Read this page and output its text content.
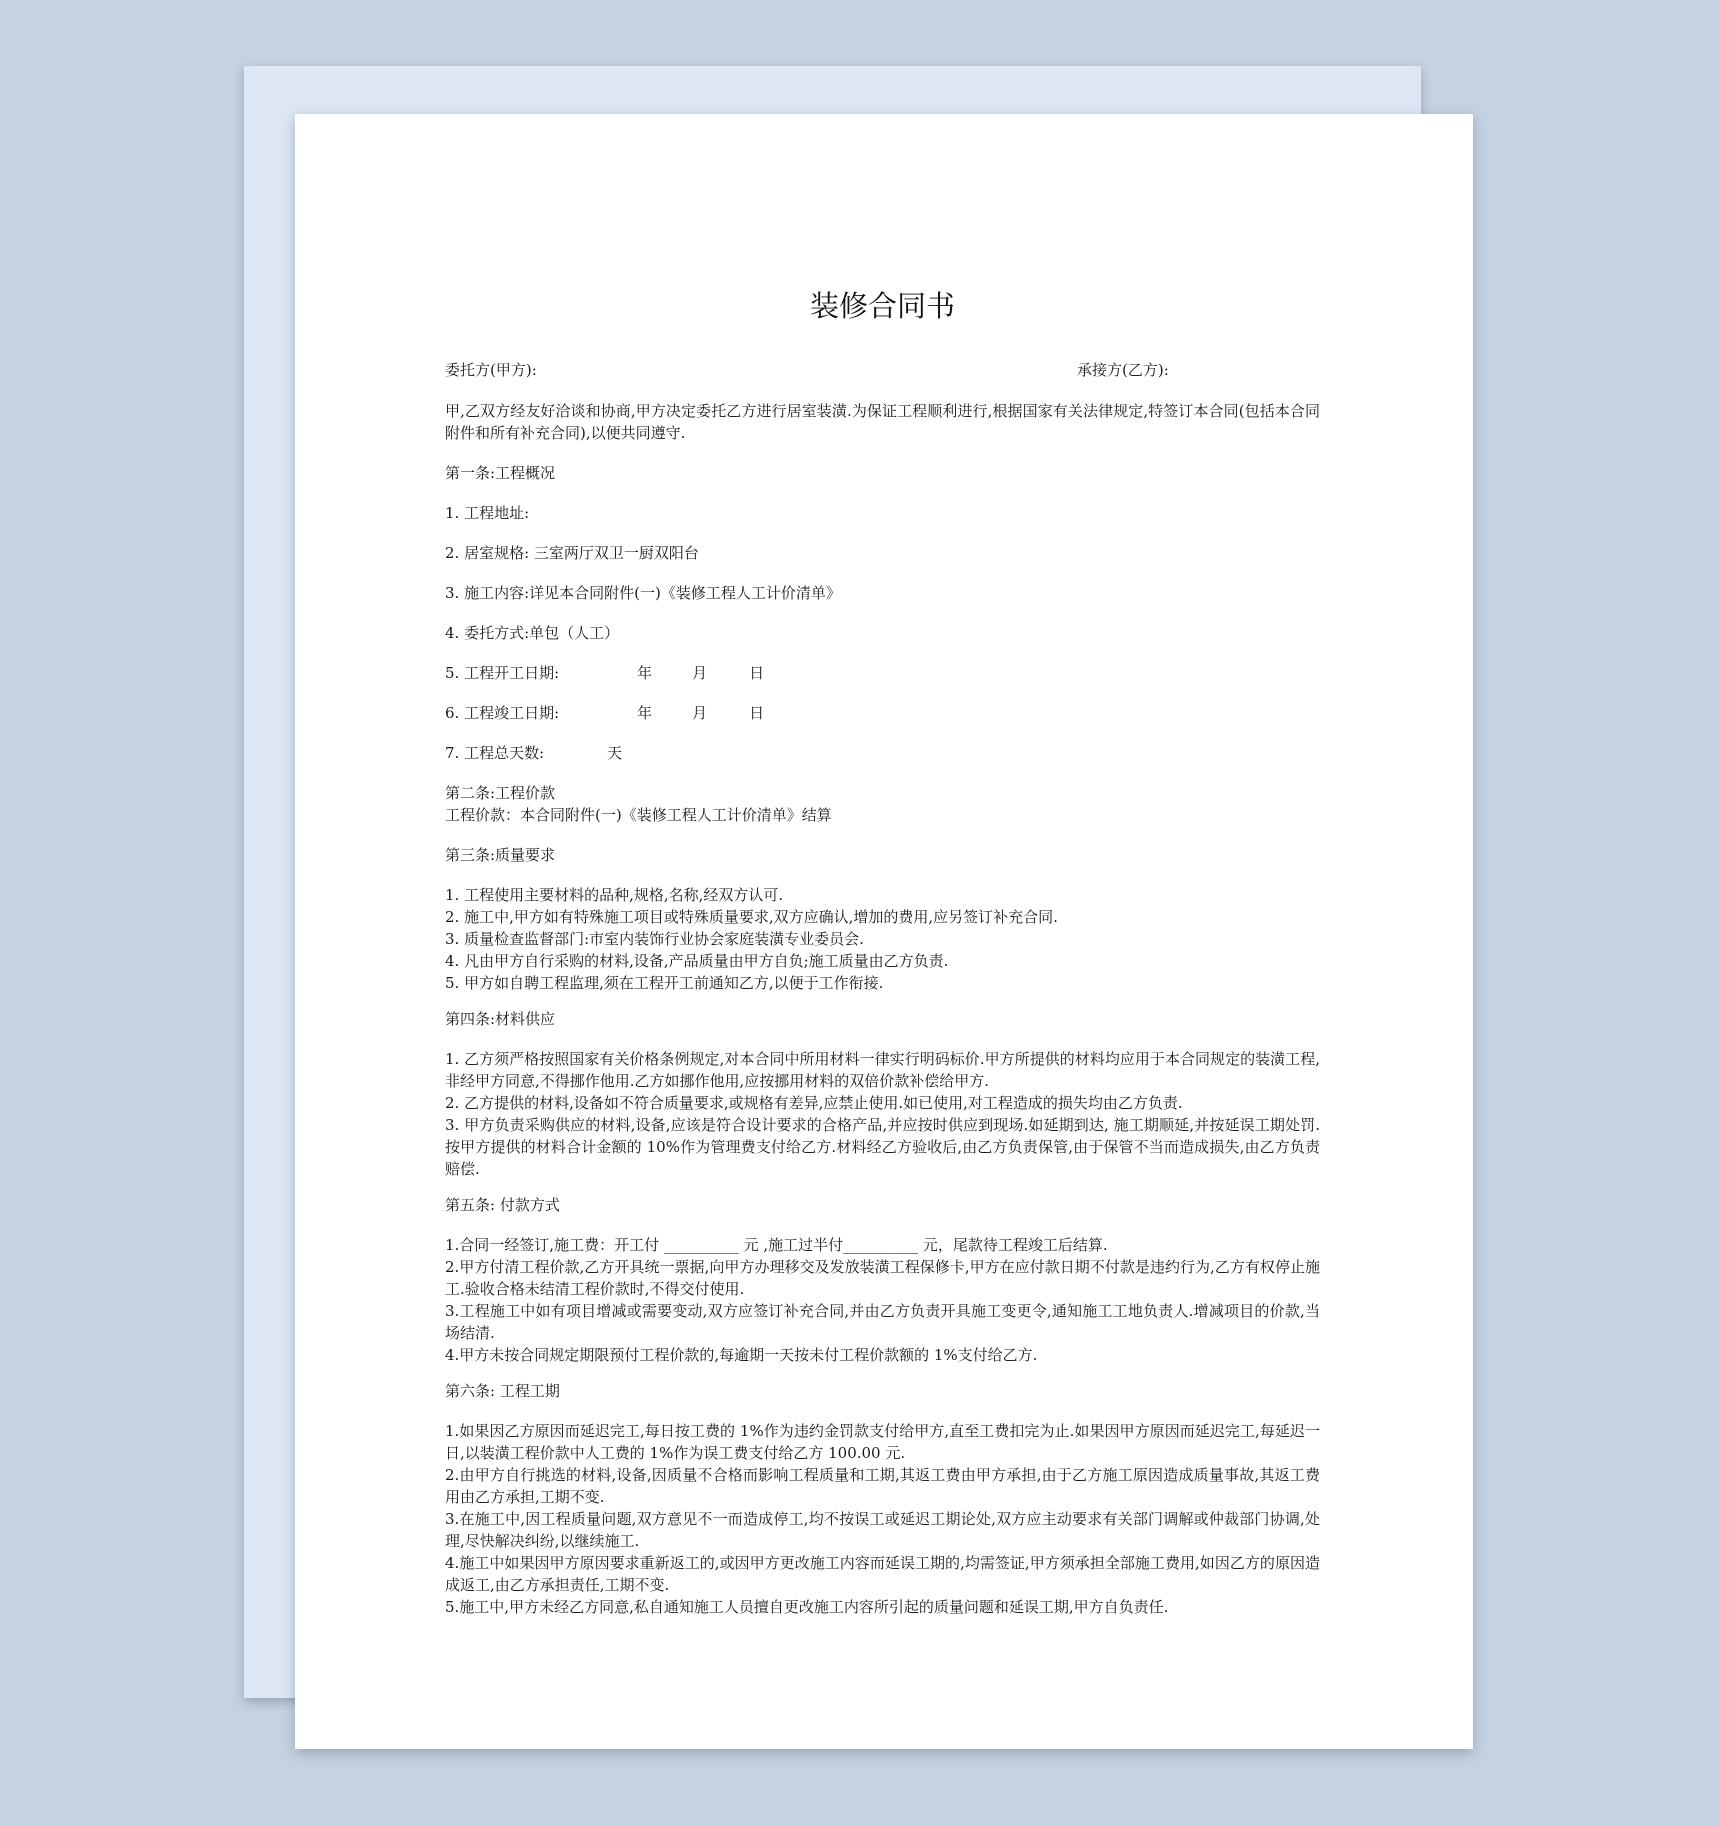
装修合同书
委托方(甲方):	承接方(乙方):
甲,乙双方经友好洽谈和协商,甲方决定委托乙方进行居室装潢.为保证工程顺利进行,根据国家有关法律规定,特签订本合同(包括本合同附件和所有补充合同),以便共同遵守.
第一条:工程概况
1. 工程地址:
2. 居室规格: 三室两厅双卫一厨双阳台
3. 施工内容:详见本合同附件(一)《装修工程人工计价清单》
4. 委托方式:单包（人工）
5. 工程开工日期:	年	月	日
6. 工程竣工日期:	年	月	日
7. 工程总天数:	天
第二条:工程价款
工程价款：本合同附件(一)《装修工程人工计价清单》结算
第三条:质量要求

1. 工程使用主要材料的品种,规格,名称,经双方认可.

2. 施工中,甲方如有特殊施工项目或特殊质量要求,双方应确认,增加的费用,应另签订补充合同.

3. 质量检查监督部门:市室内装饰行业协会家庭装潢专业委员会.

4. 凡由甲方自行采购的材料,设备,产品质量由甲方自负;施工质量由乙方负责.

5. 甲方如自聘工程监理,须在工程开工前通知乙方,以便于工作衔接.

第四条:材料供应

1. 乙方须严格按照国家有关价格条例规定,对本合同中所用材料一律实行明码标价.甲方所提供的材料均应用于本合同规定的装潢工程,非经甲方同意,不得挪作他用.乙方如挪作他用,应按挪用材料的双倍价款补偿给甲方.

2. 乙方提供的材料,设备如不符合质量要求,或规格有差异,应禁止使用.如已使用,对工程造成的损失均由乙方负责.

3. 甲方负责采购供应的材料,设备,应该是符合设计要求的合格产品,并应按时供应到现场.如延期到达, 施工期顺延,并按延误工期处罚.按甲方提供的材料合计金额的 10%作为管理费支付给乙方.材料经乙方验收后,由乙方负责保管,由于保管不当而造成损失,由乙方负责赔偿.

第五条: 付款方式

1.合同一经签订,施工费：开工付 __________ 元 ,施工过半付__________ 元，尾款待工程竣工后结算.

2.甲方付清工程价款,乙方开具统一票据,向甲方办理移交及发放装潢工程保修卡,甲方在应付款日期不付款是违约行为,乙方有权停止施工.验收合格未结清工程价款时,不得交付使用.

3.工程施工中如有项目增减或需要变动,双方应签订补充合同,并由乙方负责开具施工变更令,通知施工工地负责人.增减项目的价款,当场结清.

4.甲方未按合同规定期限预付工程价款的,每逾期一天按未付工程价款额的 1%支付给乙方.

第六条: 工程工期

1.如果因乙方原因而延迟完工,每日按工费的 1%作为违约金罚款支付给甲方,直至工费扣完为止.如果因甲方原因而延迟完工,每延迟一日,以装潢工程价款中人工费的 1%作为误工费支付给乙方 100.00 元.

2.由甲方自行挑选的材料,设备,因质量不合格而影响工程质量和工期,其返工费由甲方承担,由于乙方施工原因造成质量事故,其返工费用由乙方承担,工期不变.

3.在施工中,因工程质量问题,双方意见不一而造成停工,均不按误工或延迟工期论处,双方应主动要求有关部门调解或仲裁部门协调,处理,尽快解决纠纷,以继续施工.

4.施工中如果因甲方原因要求重新返工的,或因甲方更改施工内容而延误工期的,均需签证,甲方须承担全部施工费用,如因乙方的原因造成返工,由乙方承担责任,工期不变.

5.施工中,甲方未经乙方同意,私自通知施工人员擅自更改施工内容所引起的质量问题和延误工期,甲方自负责任.
